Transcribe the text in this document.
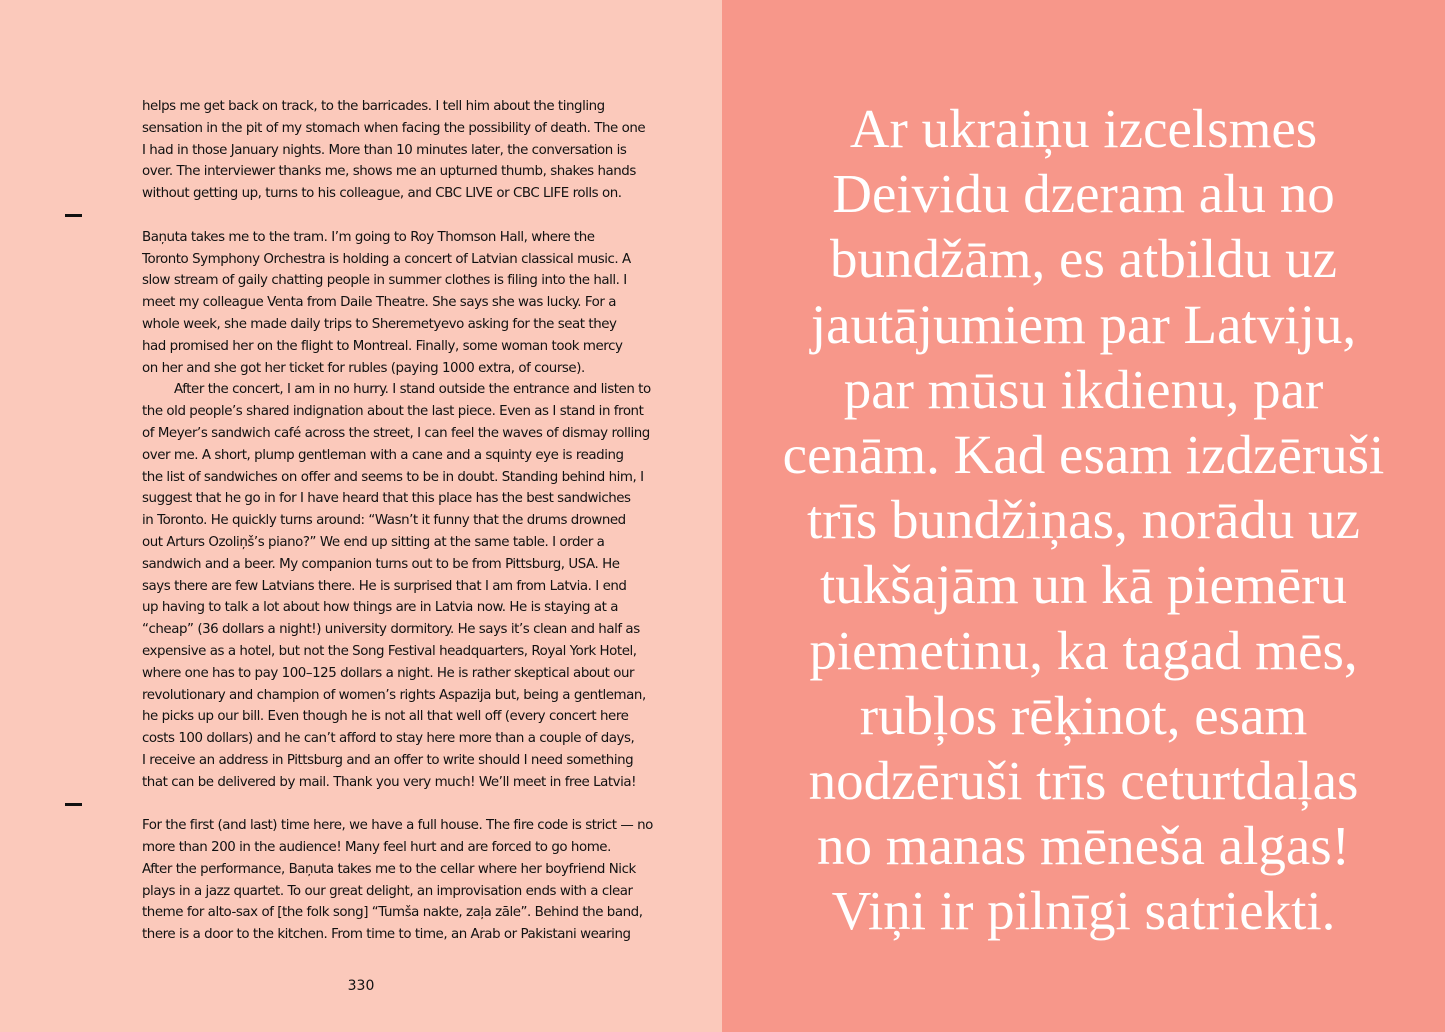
helps me get back on track, to the barricades. I tell him about the tingling
sensation in the pit of my stomach when facing the possibility of death. The one
I had in those January nights. More than 10 minutes later, the conversation is
over. The interviewer thanks me, shows me an upturned thumb, shakes hands
without getting up, turns to his colleague, and CBC LIVE or CBC LIFE rolls on.
Baņuta takes me to the tram. I’m going to Roy Thomson Hall, where the
Toronto Symphony Orchestra is holding a concert of Latvian classical music. A
slow stream of gaily chatting people in summer clothes is filing into the hall. I
meet my colleague Venta from Daile Theatre. She says she was lucky. For a
whole week, she made daily trips to Sheremetyevo asking for the seat they
had promised her on the flight to Montreal. Finally, some woman took mercy
on her and she got her ticket for rubles (paying 1000 extra, of course).
After the concert, I am in no hurry. I stand outside the entrance and listen to
the old people’s shared indignation about the last piece. Even as I stand in front
of Meyer’s sandwich café across the street, I can feel the waves of dismay rolling
over me. A short, plump gentleman with a cane and a squinty eye is reading
the list of sandwiches on offer and seems to be in doubt. Standing behind him, I
suggest that he go in for I have heard that this place has the best sandwiches
in Toronto. He quickly turns around: “Wasn’t it funny that the drums drowned
out Arturs Ozoliņš’s piano?” We end up sitting at the same table. I order a
sandwich and a beer. My companion turns out to be from Pittsburg, USA. He
says there are few Latvians there. He is surprised that I am from Latvia. I end
up having to talk a lot about how things are in Latvia now. He is staying at a
“cheap” (36 dollars a night!) university dormitory. He says it’s clean and half as
expensive as a hotel, but not the Song Festival headquarters, Royal York Hotel,
where one has to pay 100–125 dollars a night. He is rather skeptical about our
revolutionary and champion of women’s rights Aspazija but, being a gentleman,
he picks up our bill. Even though he is not all that well off (every concert here
costs 100 dollars) and he can’t afford to stay here more than a couple of days,
I receive an address in Pittsburg and an offer to write should I need something
that can be delivered by mail. Thank you very much! We’ll meet in free Latvia!
For the first (and last) time here, we have a full house. The fire code is strict — no
more than 200 in the audience! Many feel hurt and are forced to go home.
After the performance, Baņuta takes me to the cellar where her boyfriend Nick
plays in a jazz quartet. To our great delight, an improvisation ends with a clear
theme for alto-sax of [the folk song] “Tumša nakte, zaļa zāle”. Behind the band,
there is a door to the kitchen. From time to time, an Arab or Pakistani wearing
330
Ar ukraiņu izcelsmes
Deividu dzeram alu no
bundžām, es atbildu uz
jautājumiem par Latviju,
par mūsu ikdienu, par
cenām. Kad esam izdzēruši
trīs bundžiņas, norādu uz
tukšajām un kā piemēru
piemetinu, ka tagad mēs,
rubļos rēķinot, esam
nodzēruši trīs ceturtdaļas
no manas mēneša algas!
Viņi ir pilnīgi satriekti.
